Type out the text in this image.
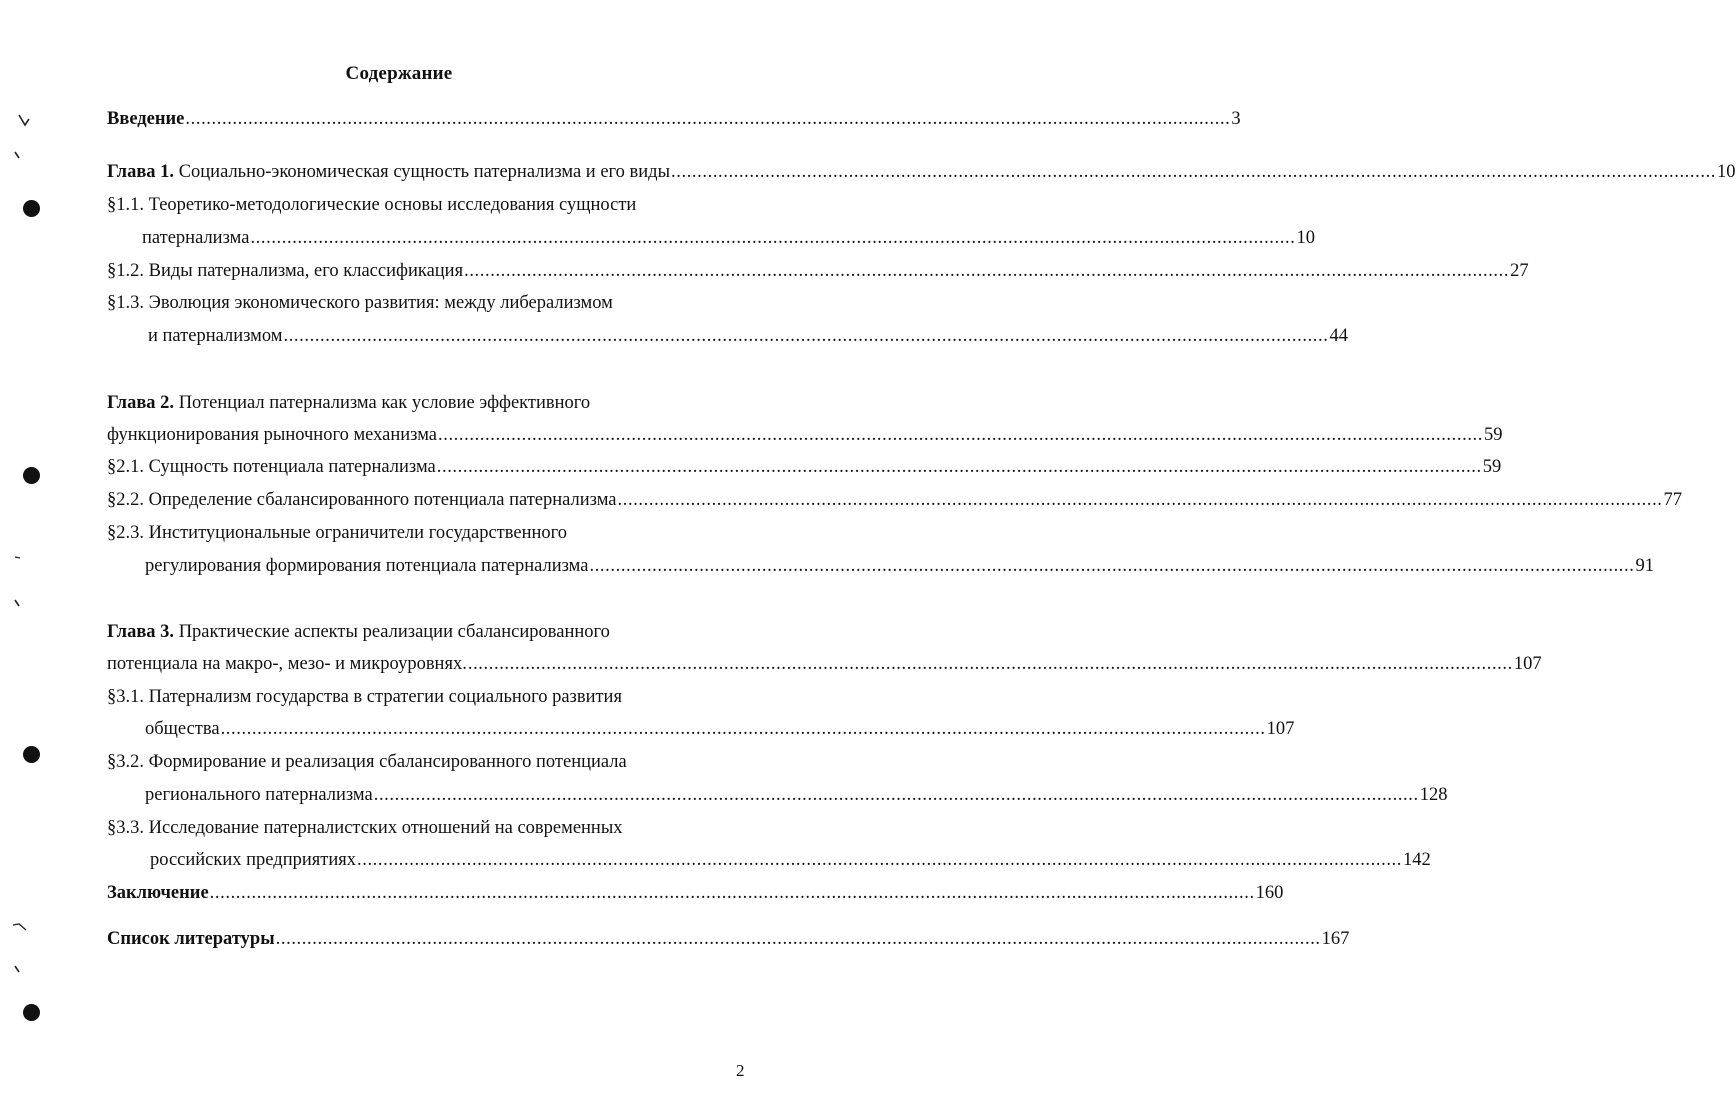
Содержание
Введение ........................................................................................................................................................................................................ 3
Глава 1. Социально-экономическая сущность патернализма и его виды ........................................................................................................................................................................................................ 10
§1.1. Теоретико-методологические основы исследования сущности
патернализма ........................................................................................................................................................................................................ 10
§1.2. Виды патернализма, его классификация ........................................................................................................................................................................................................ 27
§1.3. Эволюция экономического развития: между либерализмом
и патернализмом ........................................................................................................................................................................................................ 44
Глава 2. Потенциал патернализма как условие эффективного
функционирования рыночного механизма ........................................................................................................................................................................................................ 59
§2.1. Сущность потенциала патернализма ........................................................................................................................................................................................................ 59
§2.2. Определение сбалансированного потенциала патернализма ........................................................................................................................................................................................................ 77
§2.3. Институциональные ограничители государственного
регулирования формирования потенциала патернализма ........................................................................................................................................................................................................ 91
Глава 3. Практические аспекты реализации сбалансированного
потенциала на макро-, мезо- и микроуровнях. ........................................................................................................................................................................................................ 107
§3.1. Патернализм государства в стратегии социального развития
общества ........................................................................................................................................................................................................ 107
§3.2. Формирование и реализация сбалансированного потенциала
регионального патернализма ........................................................................................................................................................................................................ 128
§3.3. Исследование патерналистских отношений на современных
российских предприятиях ........................................................................................................................................................................................................ 142
Заключение ........................................................................................................................................................................................................ 160
Список литературы ........................................................................................................................................................................................................ 167
2
